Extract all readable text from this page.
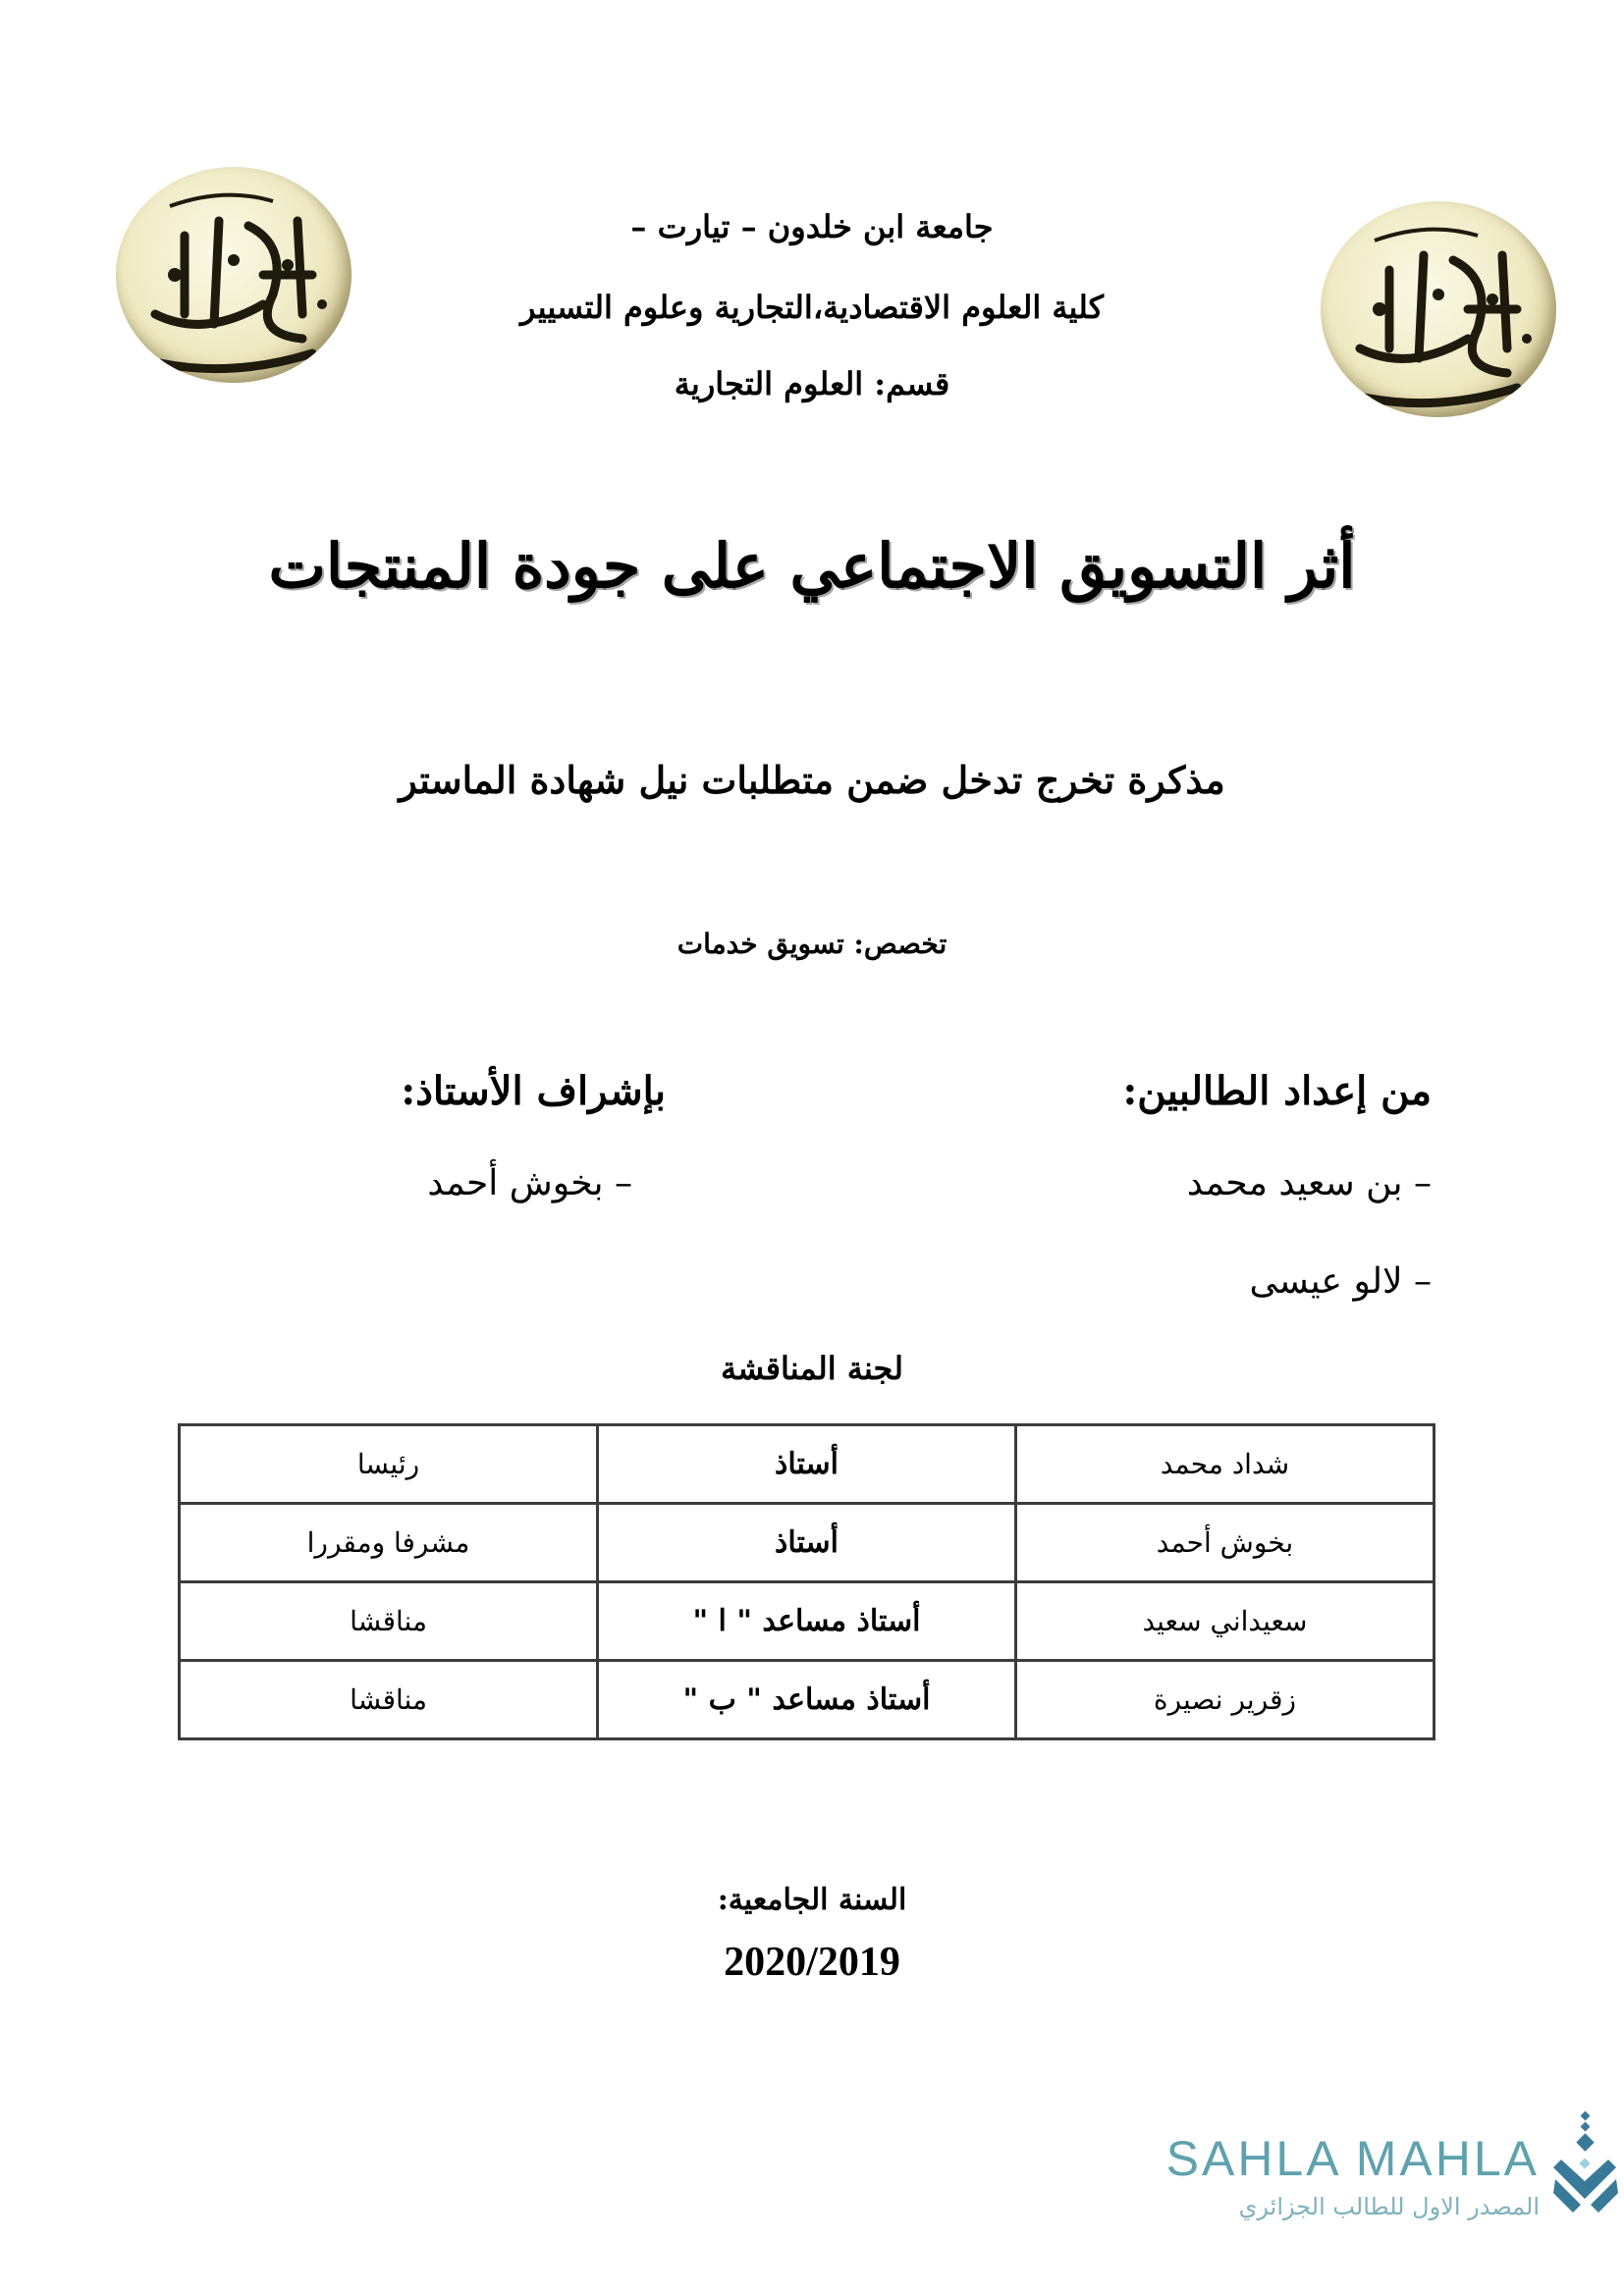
جامعة ابن خلدون – تيارت –
كلية العلوم الاقتصادية،التجارية وعلوم التسيير
قسم: العلوم التجارية
أثر التسويق الاجتماعي على جودة المنتجات
مذكرة تخرج تدخل ضمن متطلبات نيل شهادة الماستر
تخصص: تسويق خدمات
من إعداد الطالبين:
– بن سعيد محمد
– لالو عيسى
بإشراف الأستاذ:
– بخوش أحمد
لجنة المناقشة
شداد محمد	أستاذ	رئيسا
بخوش أحمد	أستاذ	مشرفا ومقررا
سعيداني سعيد	أستاذ مساعد " ا "	مناقشا
زقرير نصيرة	أستاذ مساعد " ب "	مناقشا
السنة الجامعية:
2020/2019
SAHLA MAHLA
المصدر الاول للطالب الجزائري
